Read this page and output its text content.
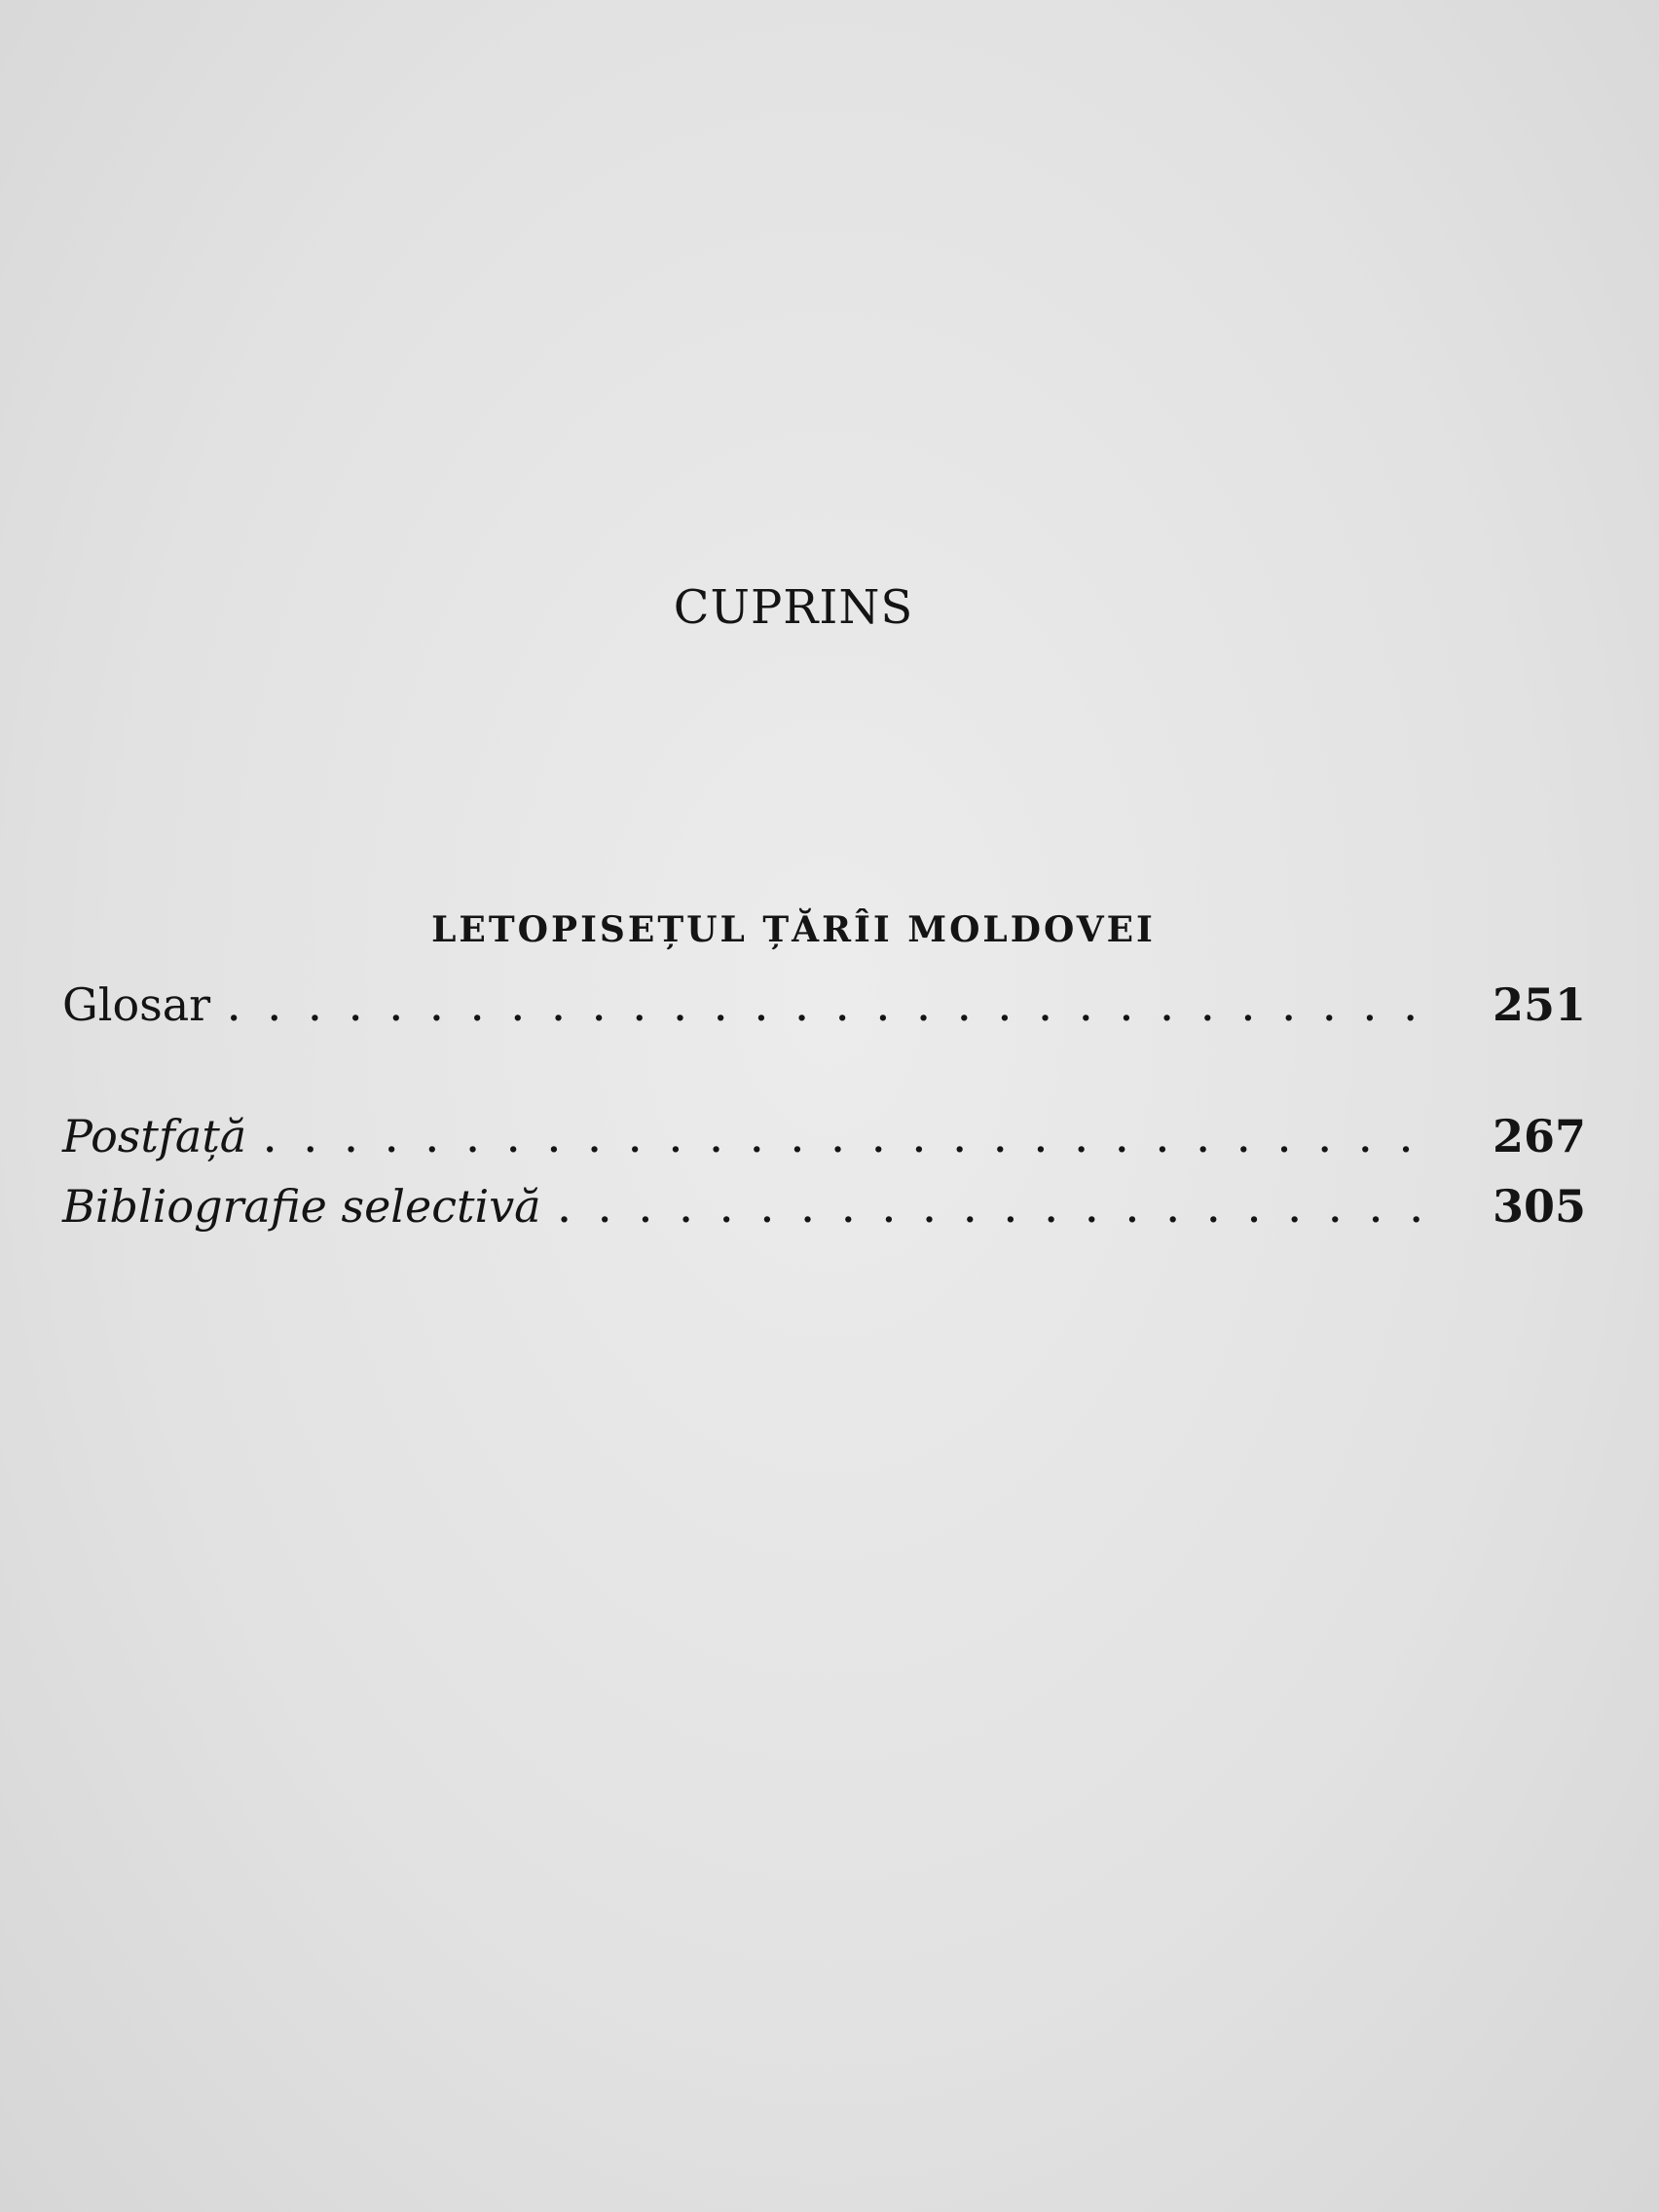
CUPRINS
LETOPISEȚUL ȚĂRÎI MOLDOVEI
Glosar . . .	251
Postfață . . .	267
Bibliografie selectivă . . .	305
